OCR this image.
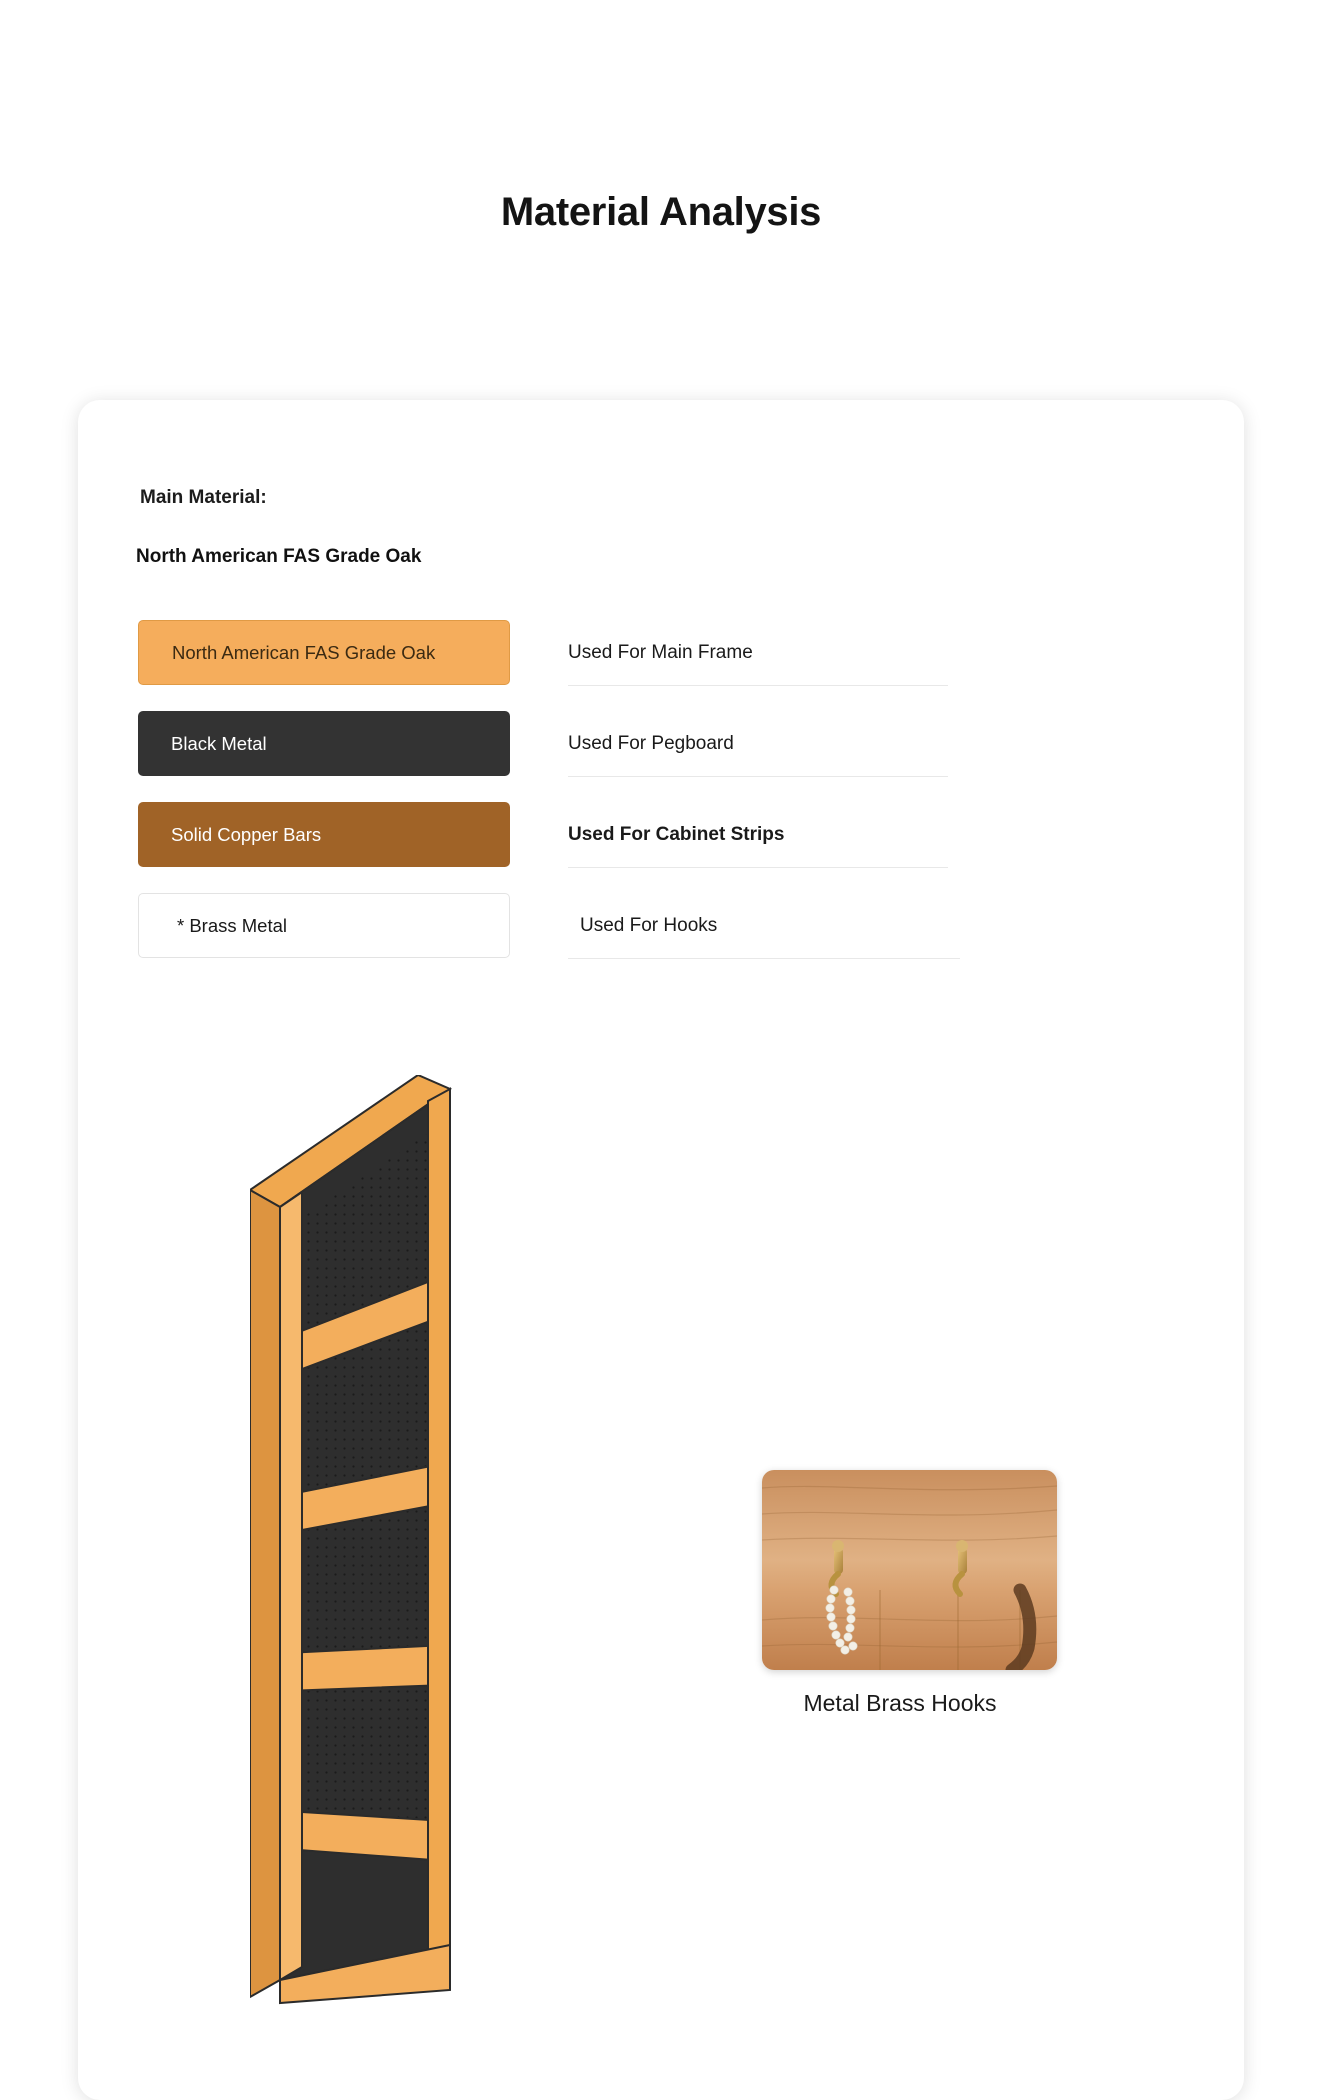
Material Analysis
Main Material:
North American FAS Grade Oak
North American FAS Grade Oak	Used For Main Frame
Black Metal	Used For Pegboard
Solid Copper Bars	Used For Cabinet Strips
* Brass Metal	Used For Hooks
Metal Brass Hooks
